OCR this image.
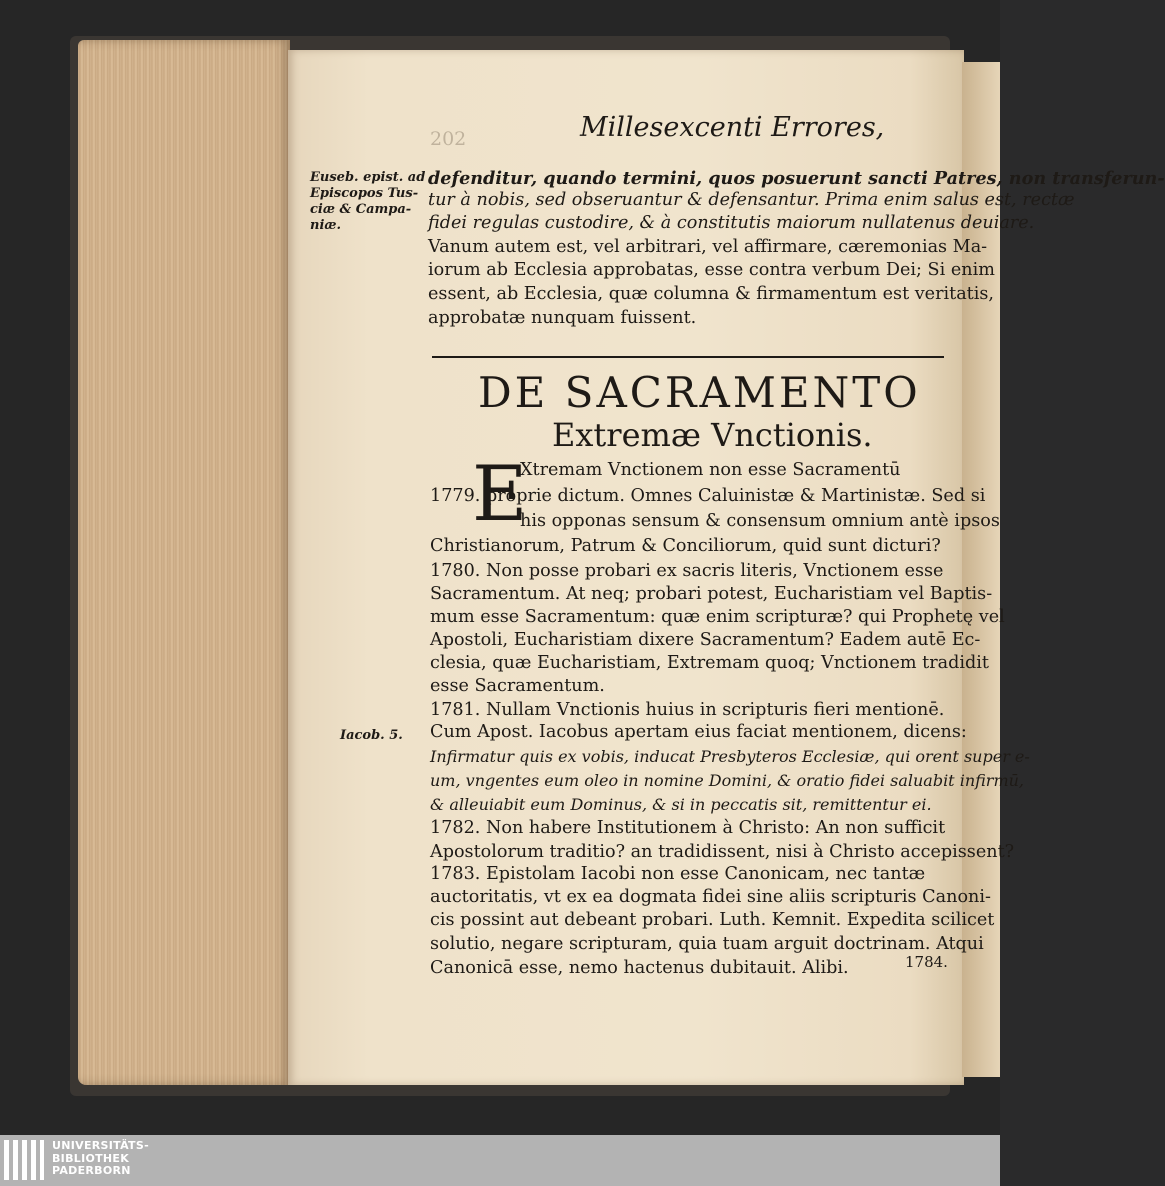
202	Millesexcenti Errores,
Euseb. epist. ad
Episcopos Tus-
ciæ & Campa-
niæ.
Iacob. 5.
defenditur, quando termini, quos posuerunt sancti Patres, non transferun-
tur à nobis, sed obseruantur & defensantur. Prima enim salus est, rectæ
fidei regulas custodire, & à constitutis maiorum nullatenus deuiare.
Vanum autem est, vel arbitrari, vel affirmare, cæremonias Ma-
iorum ab Ecclesia approbatas, esse contra verbum Dei; Si enim
essent, ab Ecclesia, quæ columna & firmamentum est veritatis,
approbatæ nunquam fuissent.
DE SACRAMENTO
Extremæ Vnctionis.
E
Xtremam Vnctionem non esse Sacramentū
1779. proprie dictum. Omnes Caluinistæ & Martinistæ. Sed si
his opponas sensum & consensum omnium antè ipsos
Christianorum, Patrum & Conciliorum, quid sunt dicturi?
1780. Non posse probari ex sacris literis, Vnctionem esse
Sacramentum. At neq; probari potest, Eucharistiam vel Baptis-
mum esse Sacramentum: quæ enim scripturæ? qui Prophetę vel
Apostoli, Eucharistiam dixere Sacramentum? Eadem autē Ec-
clesia, quæ Eucharistiam, Extremam quoq; Vnctionem tradidit
esse Sacramentum.
1781. Nullam Vnctionis huius in scripturis fieri mentionē.
Cum Apost. Iacobus apertam eius faciat mentionem, dicens:
Infirmatur quis ex vobis, inducat Presbyteros Ecclesiæ, qui orent super e-
um, vngentes eum oleo in nomine Domini, & oratio fidei saluabit infirmū,
& alleuiabit eum Dominus, & si in peccatis sit, remittentur ei.
1782. Non habere Institutionem à Christo: An non sufficit
Apostolorum traditio? an tradidissent, nisi à Christo accepissent?
1783. Epistolam Iacobi non esse Canonicam, nec tantæ
auctoritatis, vt ex ea dogmata fidei sine aliis scripturis Canoni-
cis possint aut debeant probari. Luth. Kemnit. Expedita scilicet
solutio, negare scripturam, quia tuam arguit doctrinam. Atqui
Canonicā esse, nemo hactenus dubitauit. Alibi.	1784.
UNIVERSITÄTS-
BIBLIOTHEK
PADERBORN
